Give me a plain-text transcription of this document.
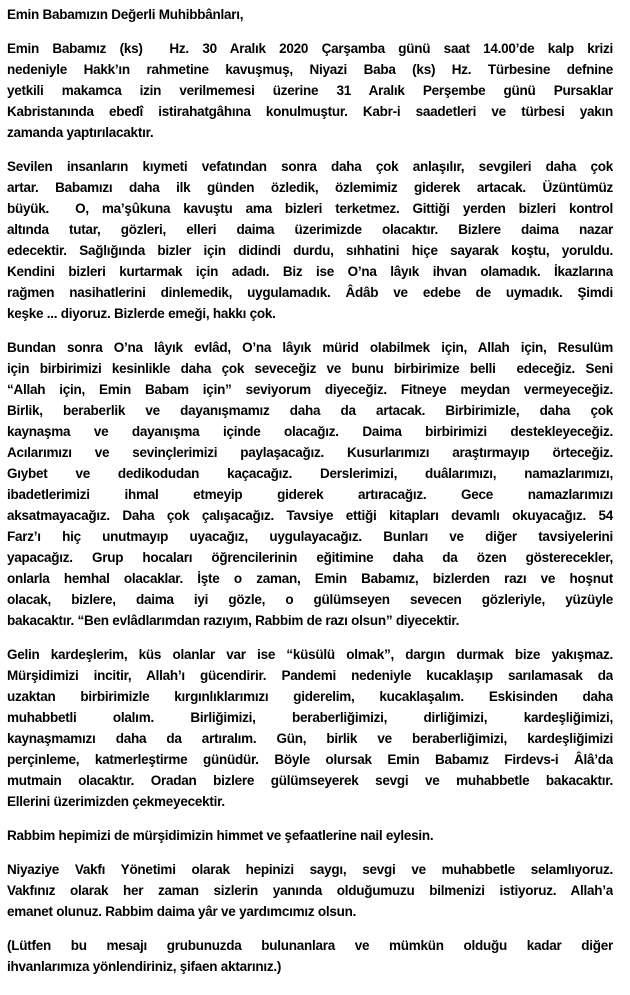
Emin Babamızın Değerli Muhibbânları,

Emin Babamız (ks)  Hz. 30 Aralık 2020 Çarşamba günü saat 14.00’de kalp krizi
nedeniyle Hakk’ın rahmetine kavuşmuş, Niyazi Baba (ks) Hz. Türbesine defnine
yetkili makamca izin verilmemesi üzerine 31 Aralık Perşembe günü Pursaklar
Kabristanında ebedî istirahatgâhına konulmuştur. Kabr-i saadetleri ve türbesi yakın
zamanda yaptırılacaktır.

Sevilen insanların kıymeti vefatından sonra daha çok anlaşılır, sevgileri daha çok
artar. Babamızı daha ilk günden özledik, özlemimiz giderek artacak. Üzüntümüz
büyük.  O, ma’şûkuna kavuştu ama bizleri terketmez. Gittiği yerden bizleri kontrol
altında tutar, gözleri, elleri daima üzerimizde olacaktır. Bizlere daima nazar
edecektir. Sağlığında bizler için didindi durdu, sıhhatini hiçe sayarak koştu, yoruldu.
Kendini bizleri kurtarmak için adadı. Biz ise O’na lâyık ihvan olamadık. İkazlarına
rağmen nasihatlerini dinlemedik, uygulamadık. Âdâb ve edebe de uymadık. Şimdi
keşke ... diyoruz. Bizlerde emeği, hakkı çok.

Bundan sonra O’na lâyık evlâd, O’na lâyık mürid olabilmek için, Allah için, Resulüm
için birbirimizi kesinlikle daha çok seveceğiz ve bunu birbirimize belli  edeceğiz. Seni
“Allah için, Emin Babam için” seviyorum diyeceğiz. Fitneye meydan vermeyeceğiz.
Birlik, beraberlik ve dayanışmamız daha da artacak. Birbirimizle, daha çok
kaynaşma ve dayanışma içinde olacağız. Daima birbirimizi destekleyeceğiz.
Acılarımızı ve sevinçlerimizi paylaşacağız. Kusurlarımızı araştırmayıp örteceğiz.
Gıybet ve dedikodudan kaçacağız. Derslerimizi, duâlarımızı, namazlarımızı,
ibadetlerimizi ihmal etmeyip giderek artıracağız. Gece namazlarımızı
aksatmayacağız. Daha çok çalışacağız. Tavsiye ettiği kitapları devamlı okuyacağız. 54
Farz’ı hiç unutmayıp uyacağız, uygulayacağız. Bunları ve diğer tavsiyelerini
yapacağız. Grup hocaları öğrencilerinin eğitimine daha da özen gösterecekler,
onlarla hemhal olacaklar. İşte o zaman, Emin Babamız, bizlerden razı ve hoşnut
olacak, bizlere, daima iyi gözle, o gülümseyen sevecen gözleriyle, yüzüyle
bakacaktır. “Ben evlâdlarımdan razıyım, Rabbim de razı olsun” diyecektir.

Gelin kardeşlerim, küs olanlar var ise “küsülü olmak”, dargın durmak bize yakışmaz.
Mürşidimizi incitir, Allah’ı gücendirir. Pandemi nedeniyle kucaklaşıp sarılamasak da
uzaktan birbirimizle kırgınlıklarımızı giderelim, kucaklaşalım. Eskisinden daha
muhabbetli olalım. Birliğimizi, beraberliğimizi, dirliğimizi, kardeşliğimizi,
kaynaşmamızı daha da artıralım. Gün, birlik ve beraberliğimizi, kardeşliğimizi
perçinleme, katmerleştirme günüdür. Böyle olursak Emin Babamız Firdevs-i Âlâ’da
mutmain olacaktır. Oradan bizlere gülümseyerek sevgi ve muhabbetle bakacaktır.
Ellerini üzerimizden çekmeyecektir.

Rabbim hepimizi de mürşidimizin himmet ve şefaatlerine nail eylesin.

Niyaziye Vakfı Yönetimi olarak hepinizi saygı, sevgi ve muhabbetle selamlıyoruz.
Vakfınız olarak her zaman sizlerin yanında olduğumuzu bilmenizi istiyoruz. Allah’a
emanet olunuz. Rabbim daima yâr ve yardımcımız olsun.

(Lütfen bu mesajı grubunuzda bulunanlara ve mümkün olduğu kadar diğer
ihvanlarımıza yönlendiriniz, şifaen aktarınız.)
